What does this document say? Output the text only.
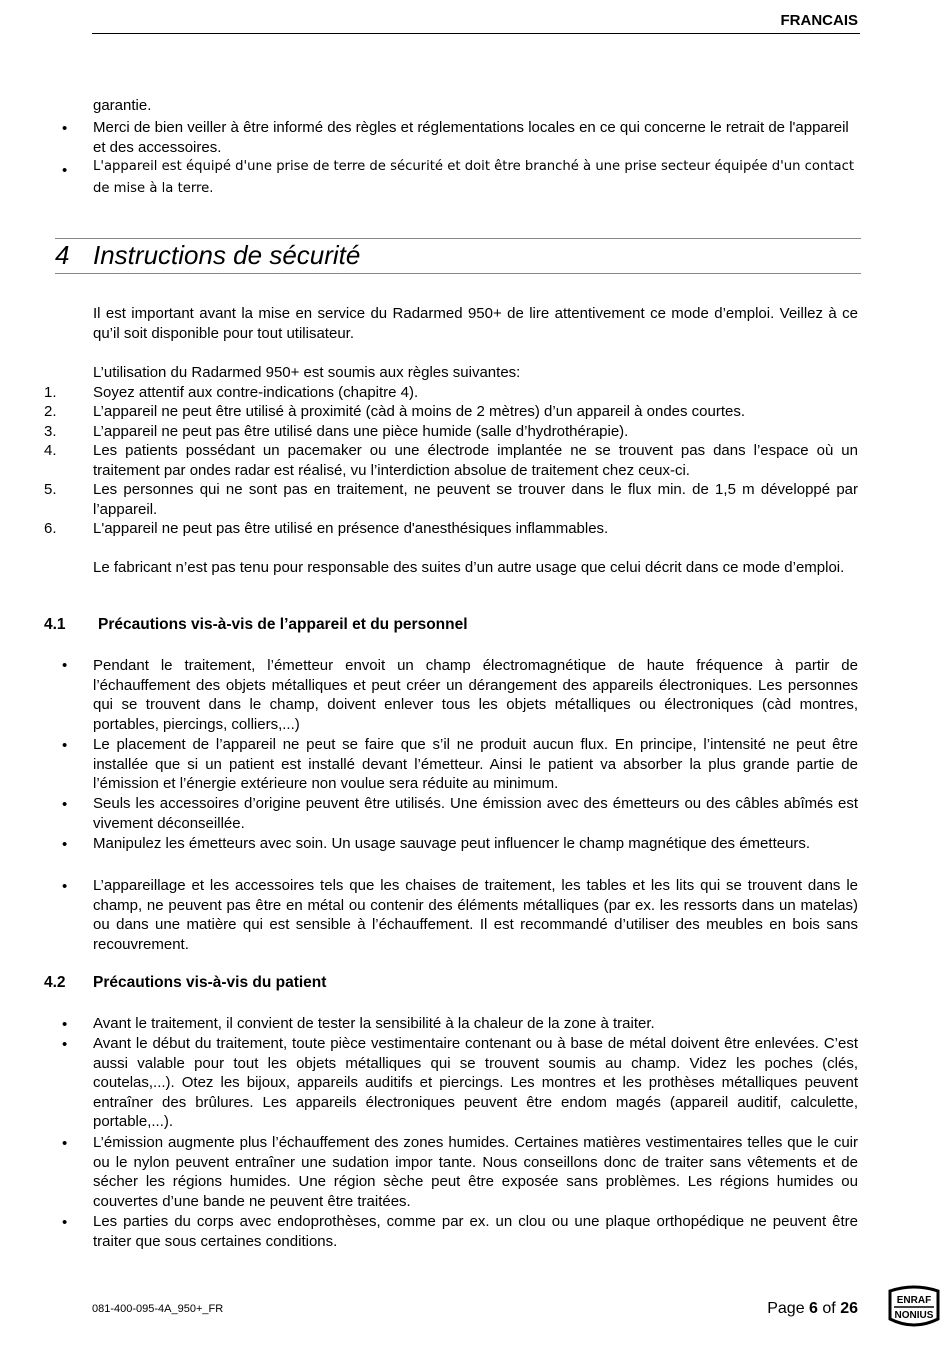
FRANCAIS

garantie.

• Merci de bien veiller à être informé des règles et réglementations locales en ce qui concerne le retrait de l'appareil et des accessoires.

• L'appareil est équipé d'une prise de terre de sécurité et doit être branché à une prise secteur équipée d'un contact de mise à la terre.

4 Instructions de sécurité

Il est important avant la mise en service du Radarmed 950+ de lire attentivement ce mode d’emploi. Veillez à ce qu’il soit disponible pour tout utilisateur.

L’utilisation du Radarmed 950+ est soumis aux règles suivantes:

1.	Soyez attentif aux contre-indications (chapitre 4).

2.	L’appareil ne peut être utilisé à proximité (càd à moins de 2 mètres) d’un appareil à ondes courtes.

3.	L’appareil ne peut pas être utilisé dans une pièce humide (salle d’hydrothérapie).

4.	Les patients possédant un pacemaker ou une électrode implantée ne se trouvent pas dans l’espace où un traitement par ondes radar est réalisé, vu l’interdiction absolue de traitement chez ceux-ci.

5.	Les personnes qui ne sont pas en traitement, ne peuvent se trouver dans le flux min. de 1,5 m développé par l’appareil.

6.	L'appareil ne peut pas être utilisé en présence d'anesthésiques inflammables.

Le fabricant n’est pas tenu pour responsable des suites d’un autre usage que celui décrit dans ce mode d’emploi.

4.1 Précautions vis-à-vis de l’appareil et du personnel
• Pendant le traitement, l’émetteur envoit un champ électromagnétique de haute fréquence à partir de l’échauffement des objets métalliques et peut créer un dérangement des appareils électroniques. Les personnes qui se trouvent dans le champ, doivent enlever tous les objets métalliques ou électroniques (càd montres, portables, piercings, colliers,...)

• Le placement de l’appareil ne peut se faire que s’il ne produit aucun flux. En principe, l’intensité ne peut être installée que si un patient est installé devant l’émetteur. Ainsi le patient va absorber la plus grande partie de l’émission et l’énergie extérieure non voulue sera réduite au minimum.

• Seuls les accessoires d’origine peuvent être utilisés. Une émission avec des émetteurs ou des câbles abîmés est vivement déconseillée.

• Manipulez les émetteurs avec soin. Un usage sauvage peut influencer le champ magnétique des émetteurs.

• L’appareillage et les accessoires tels que les chaises de traitement, les tables et les lits qui se trouvent dans le champ, ne peuvent pas être en métal ou contenir des éléments métalliques (par ex. les ressorts dans un matelas) ou dans une matière qui est sensible à l’échauffement. Il est recommandé d’utiliser des meubles en bois sans recouvrement.

4.2 Précautions vis-à-vis du patient
• Avant le traitement, il convient de tester la sensibilité à la chaleur de la zone à traiter.

• Avant le début du traitement, toute pièce vestimentaire contenant ou à base de métal doivent être enlevées. C’est aussi valable pour tout les objets métalliques qui se trouvent soumis au champ. Videz les poches (clés, coutelas,...). Otez les bijoux, appareils auditifs et piercings. Les montres et les prothèses métalliques peuvent entraîner des brûlures. Les appareils électroniques peuvent être endom magés (appareil auditif, calculette, portable,...).

• L’émission augmente plus l’échauffement des zones humides. Certaines matières vestimentaires telles que le cuir ou le nylon peuvent entraîner une sudation impor tante. Nous conseillons donc de traiter sans vêtements et de sécher les régions humides. Une région sèche peut être exposée sans problèmes. Les régions humides ou couvertes d’une bande ne peuvent être traitées.

• Les parties du corps avec endoprothèses, comme par ex. un clou ou une plaque orthopédique ne peuvent être traiter que sous certaines conditions.

081-400-095-4A_950+_FR	Page 6 of 26	ENRAF
NONIUS
